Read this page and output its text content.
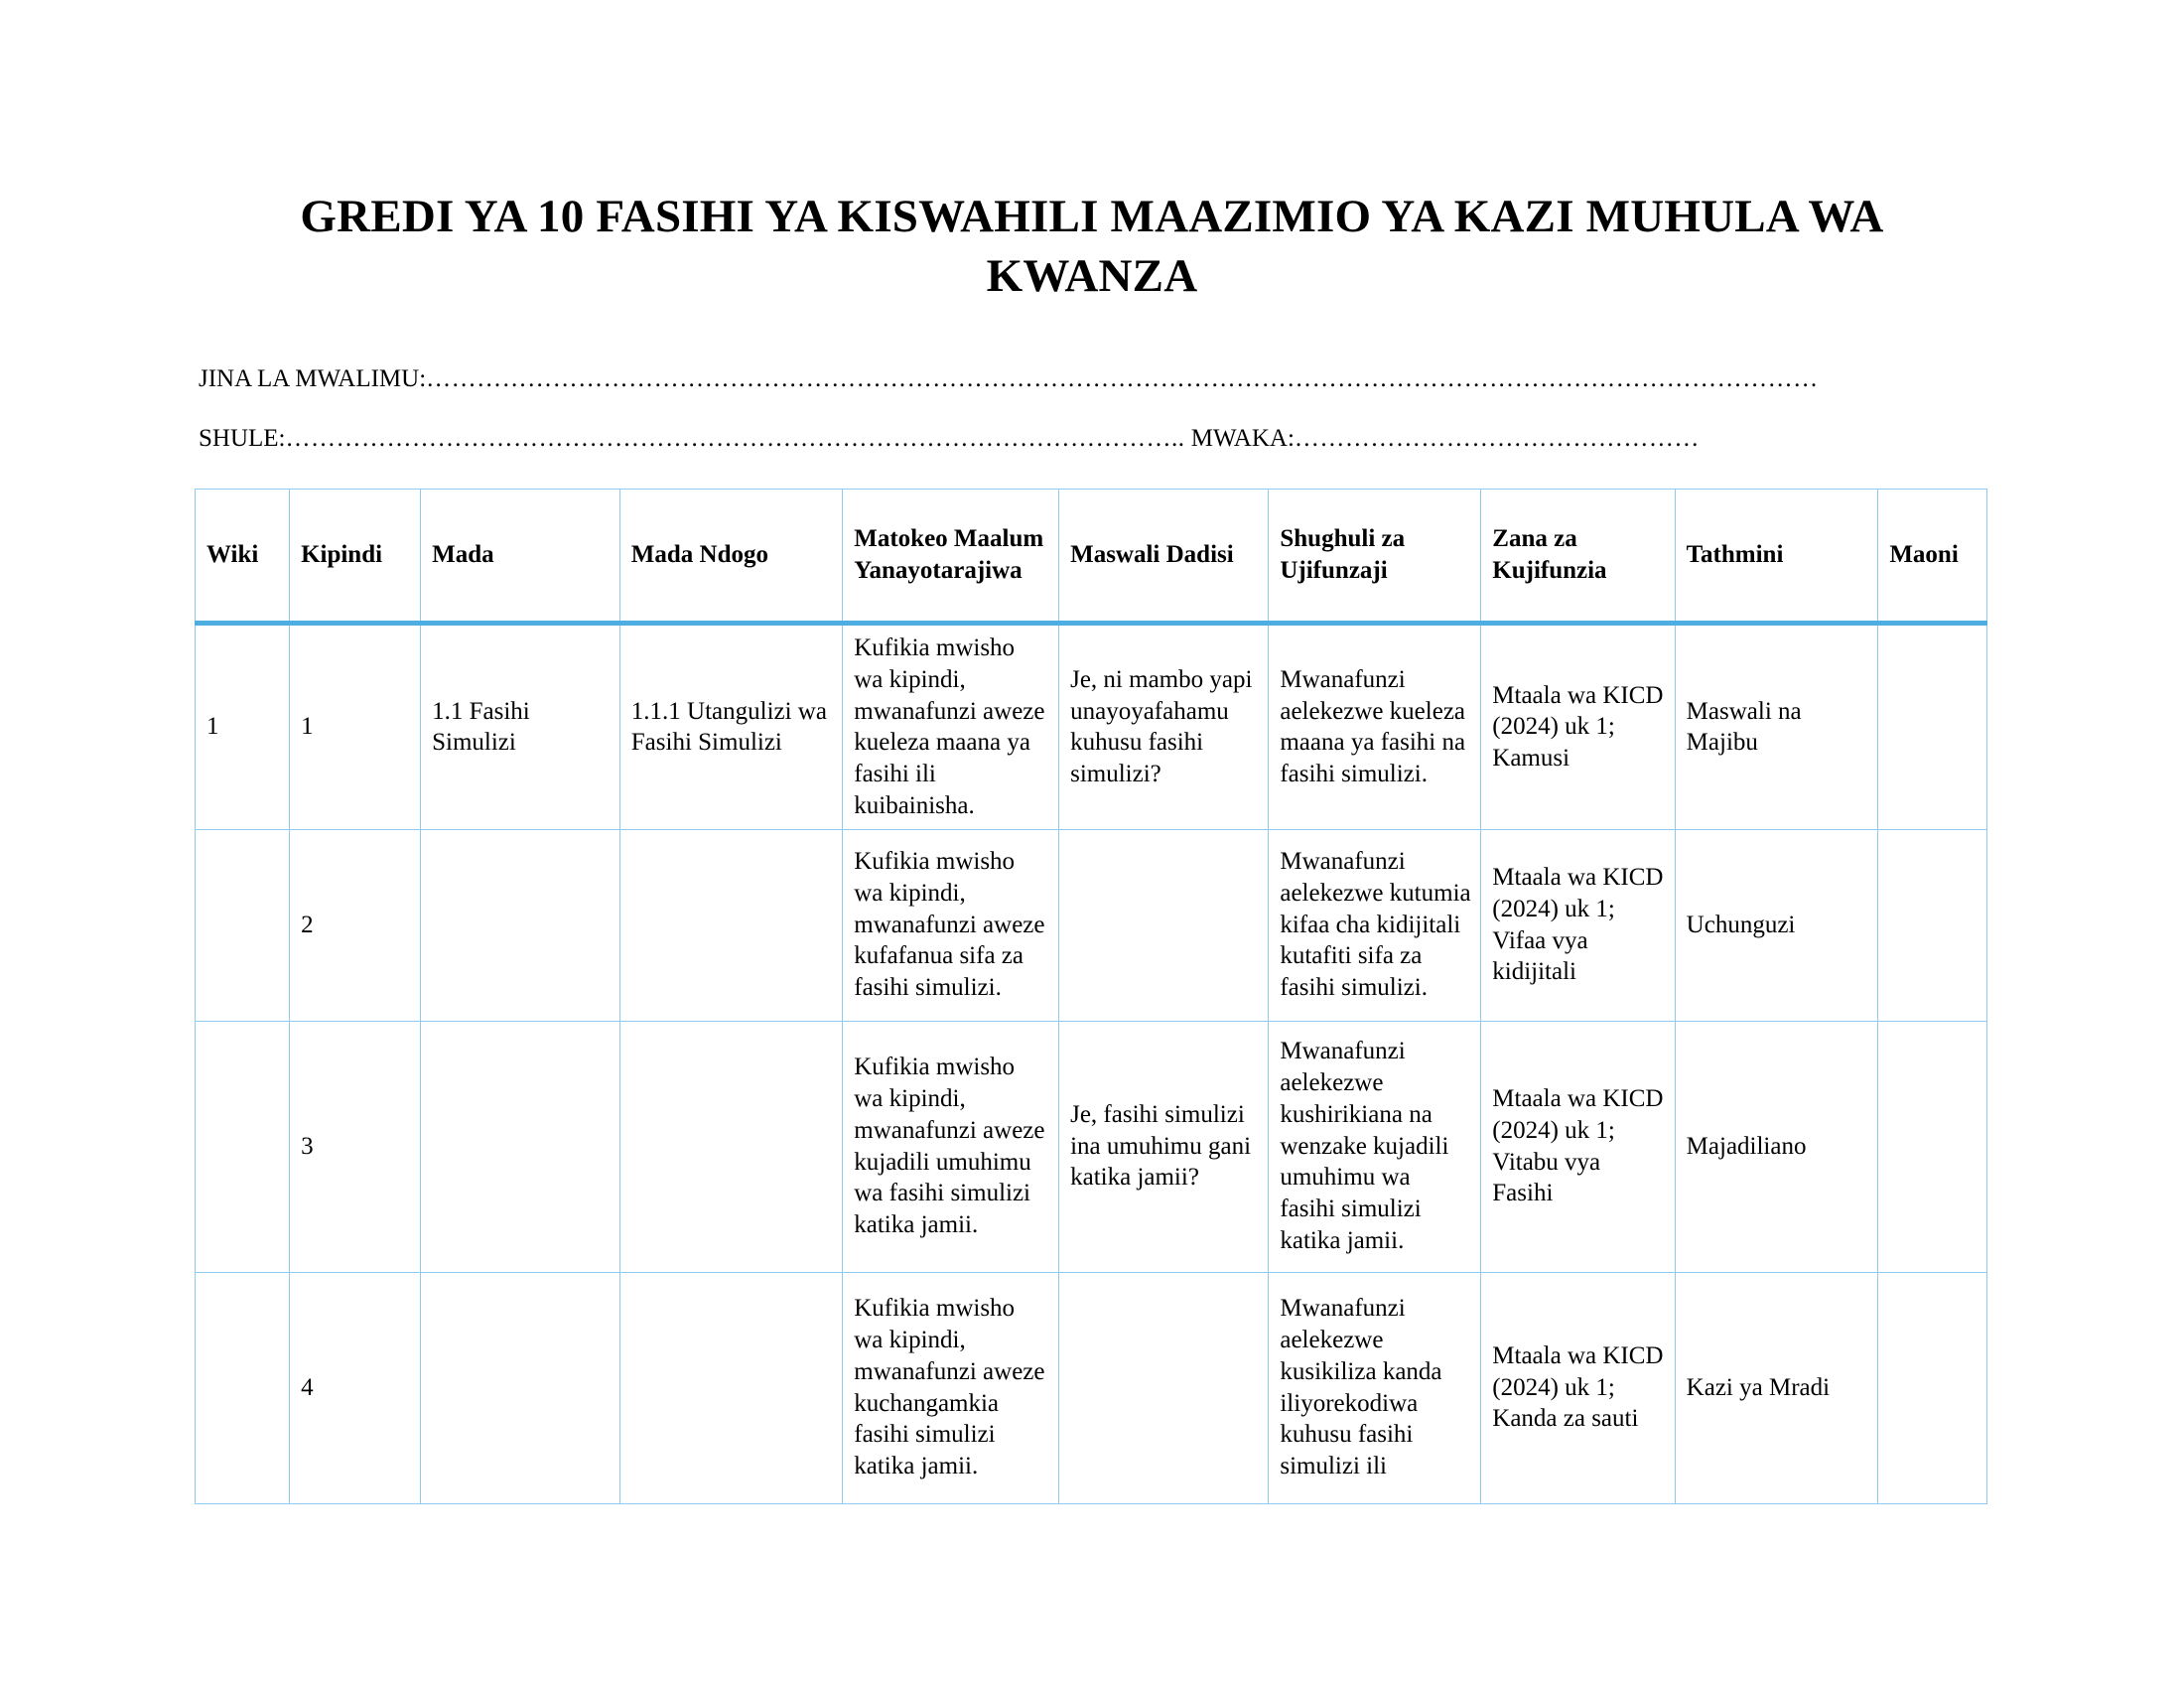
GREDI YA 10 FASIHI YA KISWAHILI MAAZIMIO YA KAZI MUHULA WA KWANZA
JINA LA MWALIMU:…………………………………………………………………………………………………………………………………………………
SHULE:…………………………………………………………………………………………….. MWAKA:…………………………………………
Wiki	Kipindi	Mada	Mada Ndogo	Matokeo Maalum Yanayotarajiwa	Maswali Dadisi	Shughuli za Ujifunzaji	Zana za Kujifunzia	Tathmini	Maoni
1	1	1.1 Fasihi Simulizi	1.1.1 Utangulizi wa Fasihi Simulizi	Kufikia mwisho wa kipindi, mwanafunzi aweze kueleza maana ya fasihi ili kuibainisha.	Je, ni mambo yapi unayoyafahamu kuhusu fasihi simulizi?	Mwanafunzi aelekezwe kueleza maana ya fasihi na fasihi simulizi.	Mtaala wa KICD (2024) uk 1; Kamusi	Maswali na Majibu	
	2			Kufikia mwisho wa kipindi, mwanafunzi aweze kufafanua sifa za fasihi simulizi.		Mwanafunzi aelekezwe kutumia kifaa cha kidijitali kutafiti sifa za fasihi simulizi.	Mtaala wa KICD (2024) uk 1; Vifaa vya kidijitali	Uchunguzi	
	3			Kufikia mwisho wa kipindi, mwanafunzi aweze kujadili umuhimu wa fasihi simulizi katika jamii.	Je, fasihi simulizi ina umuhimu gani katika jamii?	Mwanafunzi aelekezwe kushirikiana na wenzake kujadili umuhimu wa fasihi simulizi katika jamii.	Mtaala wa KICD (2024) uk 1; Vitabu vya Fasihi	Majadiliano	
	4			Kufikia mwisho wa kipindi, mwanafunzi aweze kuchangamkia fasihi simulizi katika jamii.		Mwanafunzi aelekezwe kusikiliza kanda iliyorekodiwa kuhusu fasihi simulizi ili	Mtaala wa KICD (2024) uk 1; Kanda za sauti	Kazi ya Mradi	
